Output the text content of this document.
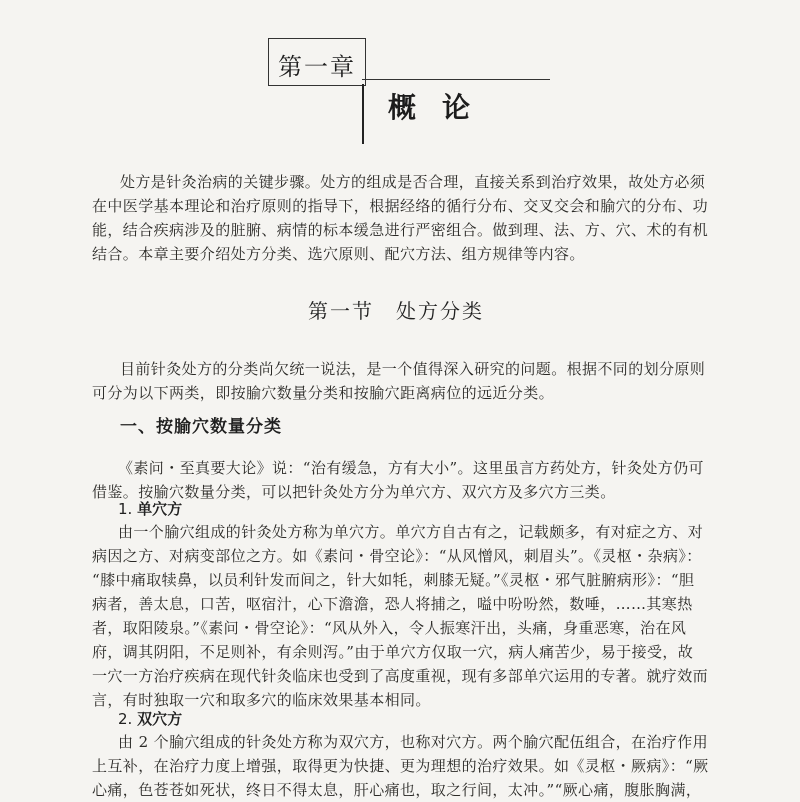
第一章
概论
处方是针灸治病的关键步骤。处方的组成是否合理，直接关系到治疗效果，故处方必须
在中医学基本理论和治疗原则的指导下，根据经络的循行分布、交叉交会和腧穴的分布、功
能，结合疾病涉及的脏腑、病情的标本缓急进行严密组合。做到理、法、方、穴、术的有机
结合。本章主要介绍处方分类、选穴原则、配穴方法、组方规律等内容。
第一节　处方分类
目前针灸处方的分类尚欠统一说法，是一个值得深入研究的问题。根据不同的划分原则
可分为以下两类，即按腧穴数量分类和按腧穴距离病位的远近分类。
一、按腧穴数量分类
《素问・至真要大论》说：“治有缓急，方有大小”。这里虽言方药处方，针灸处方仍可
借鉴。按腧穴数量分类，可以把针灸处方分为单穴方、双穴方及多穴方三类。
1. 单穴方
由一个腧穴组成的针灸处方称为单穴方。单穴方自古有之，记载颇多，有对症之方、对
病因之方、对病变部位之方。如《素问・骨空论》：“从风憎风，刺眉头”。《灵枢・杂病》：
“膝中痛取犊鼻，以员利针发而间之，针大如牦，刺膝无疑。”《灵枢・邪气脏腑病形》：“胆
病者，善太息，口苦，呕宿汁，心下澹澹，恐人将捕之，嗌中吩吩然，数唾，……其寒热
者，取阳陵泉。”《素问・骨空论》：“风从外入，令人振寒汗出，头痛，身重恶寒，治在风
府，调其阴阳，不足则补，有余则泻。”由于单穴方仅取一穴，病人痛苦少，易于接受，故
一穴一方治疗疾病在现代针灸临床也受到了高度重视，现有多部单穴运用的专著。就疗效而
言，有时独取一穴和取多穴的临床效果基本相同。
2. 双穴方
由 2 个腧穴组成的针灸处方称为双穴方，也称对穴方。两个腧穴配伍组合，在治疗作用
上互补，在治疗力度上增强，取得更为快捷、更为理想的治疗效果。如《灵枢・厥病》：“厥
心痛，色苍苍如死状，终日不得太息，肝心痛也，取之行间，太冲。”“厥心痛，腹胀胸满，
